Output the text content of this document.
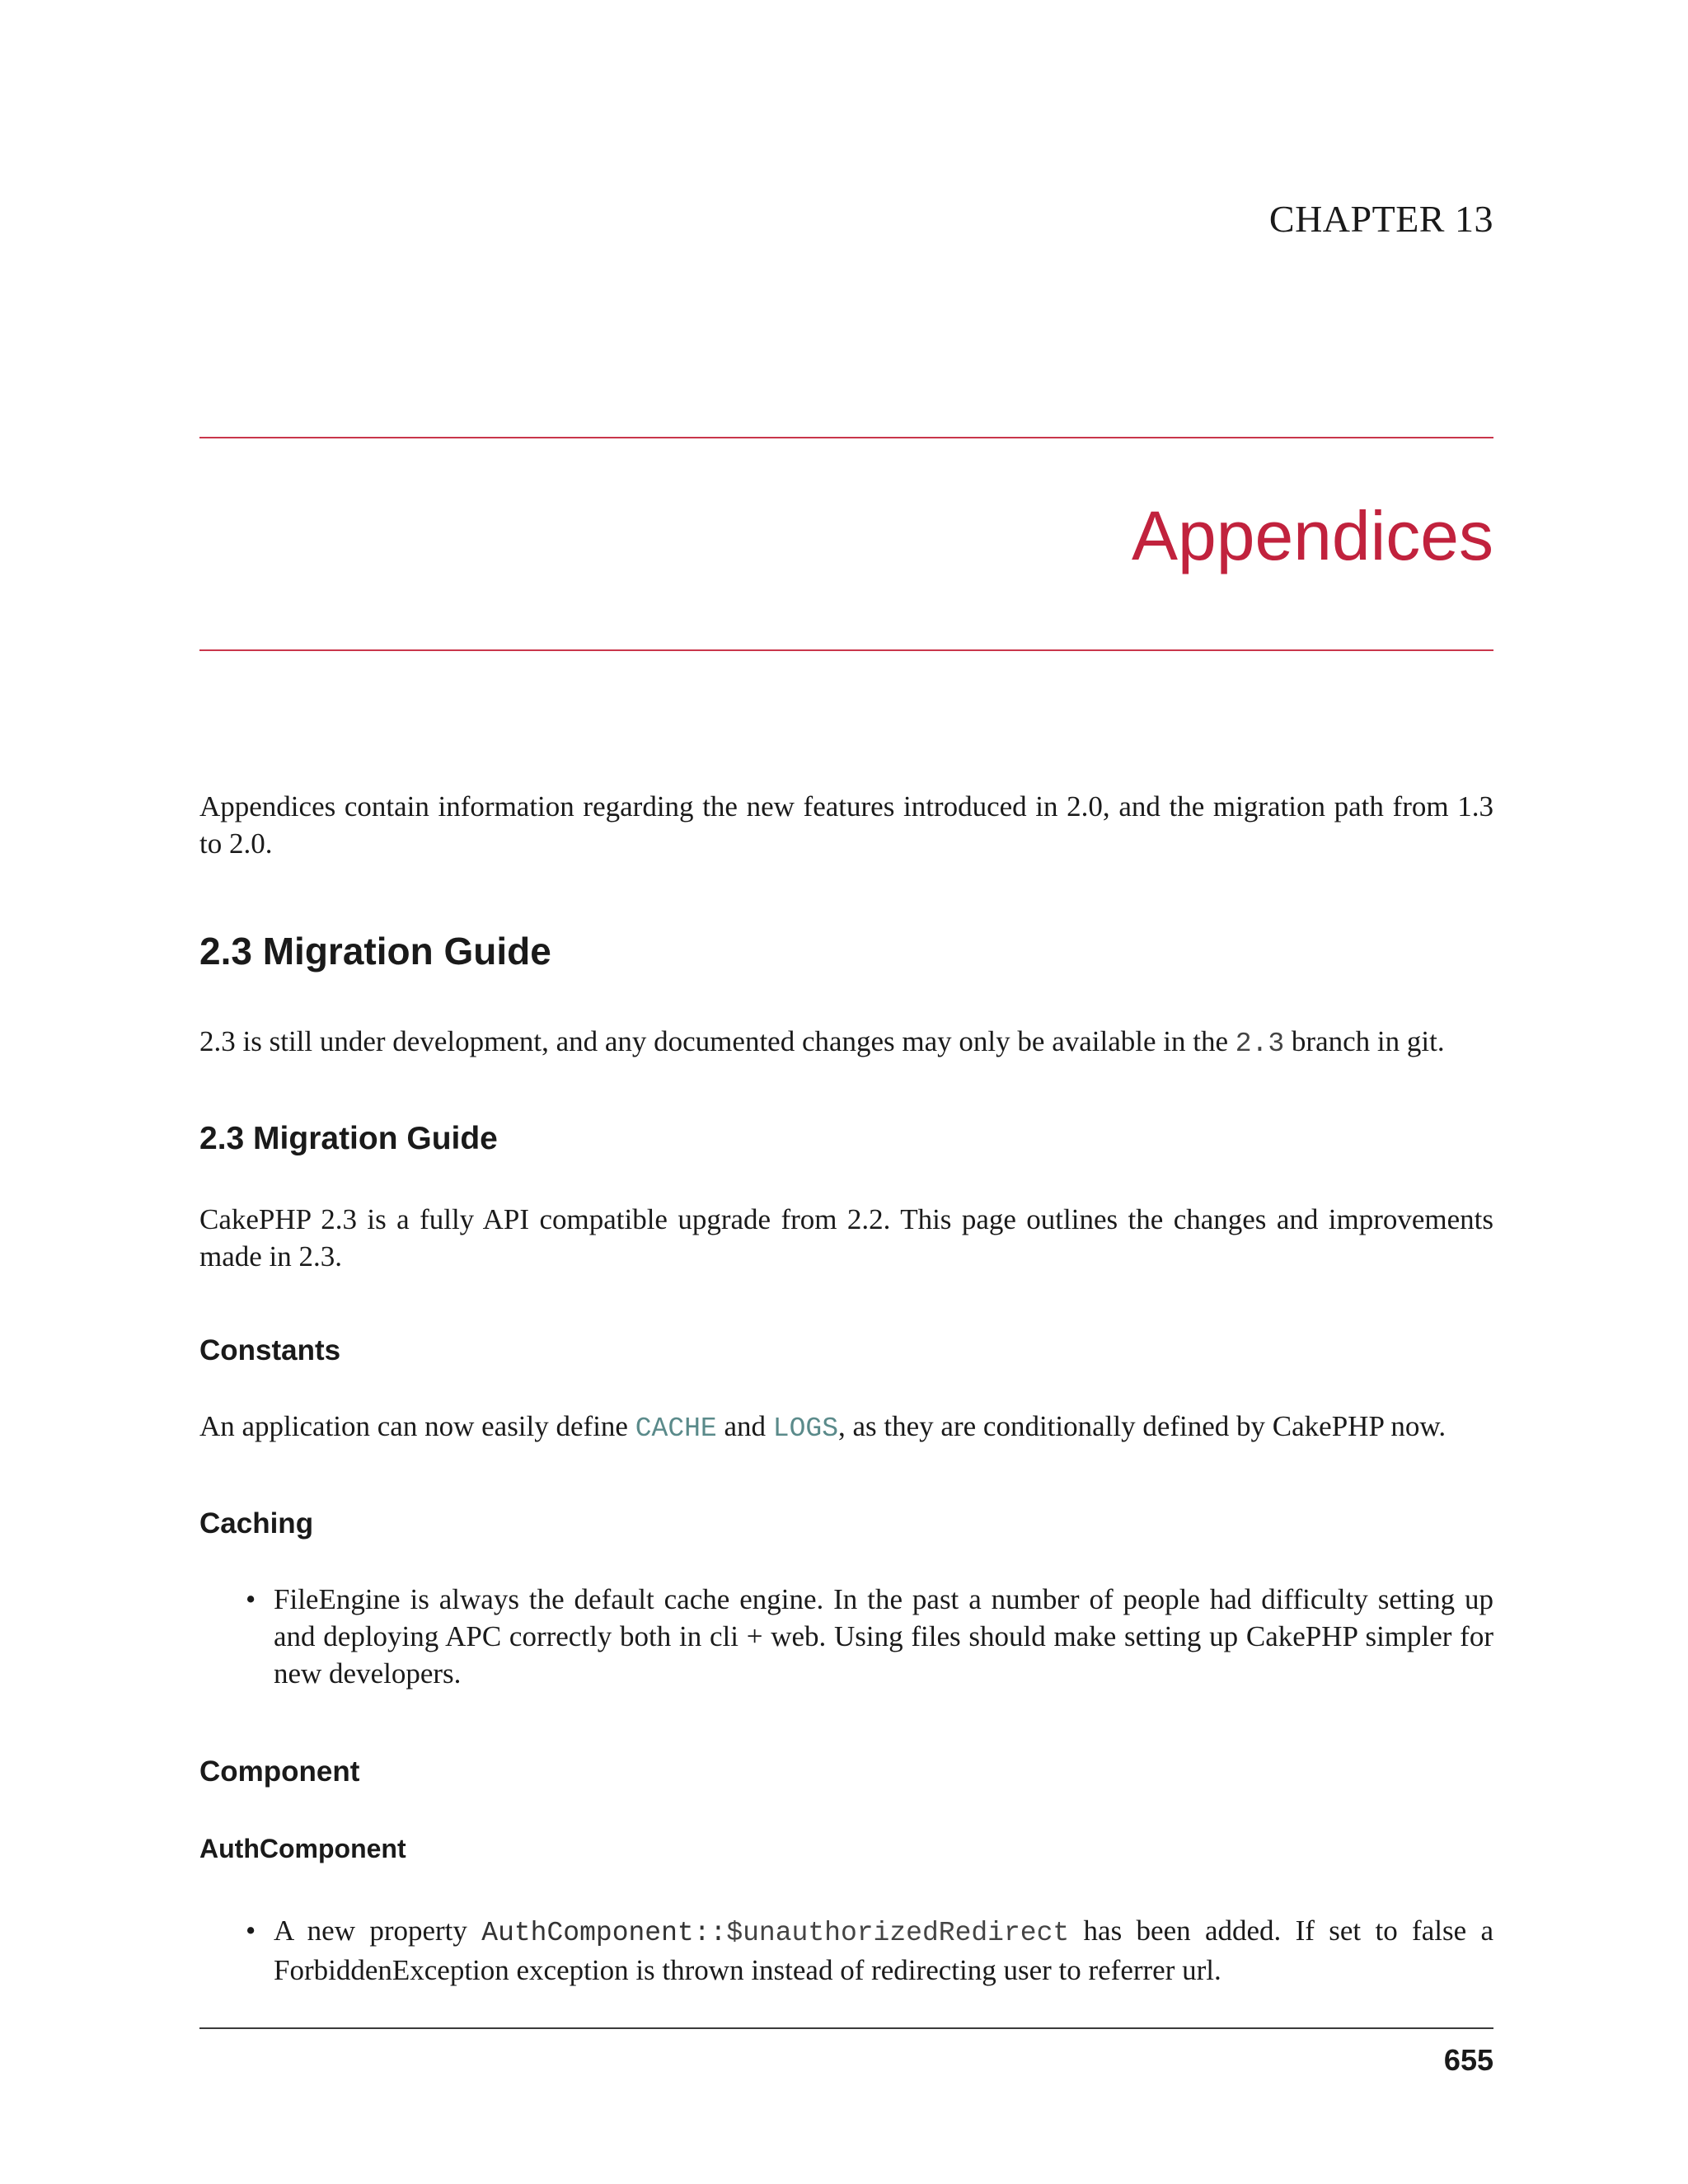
CHAPTER 13
Appendices
Appendices contain information regarding the new features introduced in 2.0, and the migration path from 1.3 to 2.0.
2.3 Migration Guide
2.3 is still under development, and any documented changes may only be available in the 2.3 branch in git.
2.3 Migration Guide
CakePHP 2.3 is a fully API compatible upgrade from 2.2. This page outlines the changes and improvements made in 2.3.
Constants
An application can now easily define CACHE and LOGS, as they are conditionally defined by CakePHP now.
Caching
• FileEngine is always the default cache engine. In the past a number of people had difficulty setting up and deploying APC correctly both in cli + web. Using files should make setting up CakePHP simpler for new developers.
Component
AuthComponent
• A new property AuthComponent::$unauthorizedRedirect has been added. If set to false a ForbiddenException exception is thrown instead of redirecting user to referrer url.
655
